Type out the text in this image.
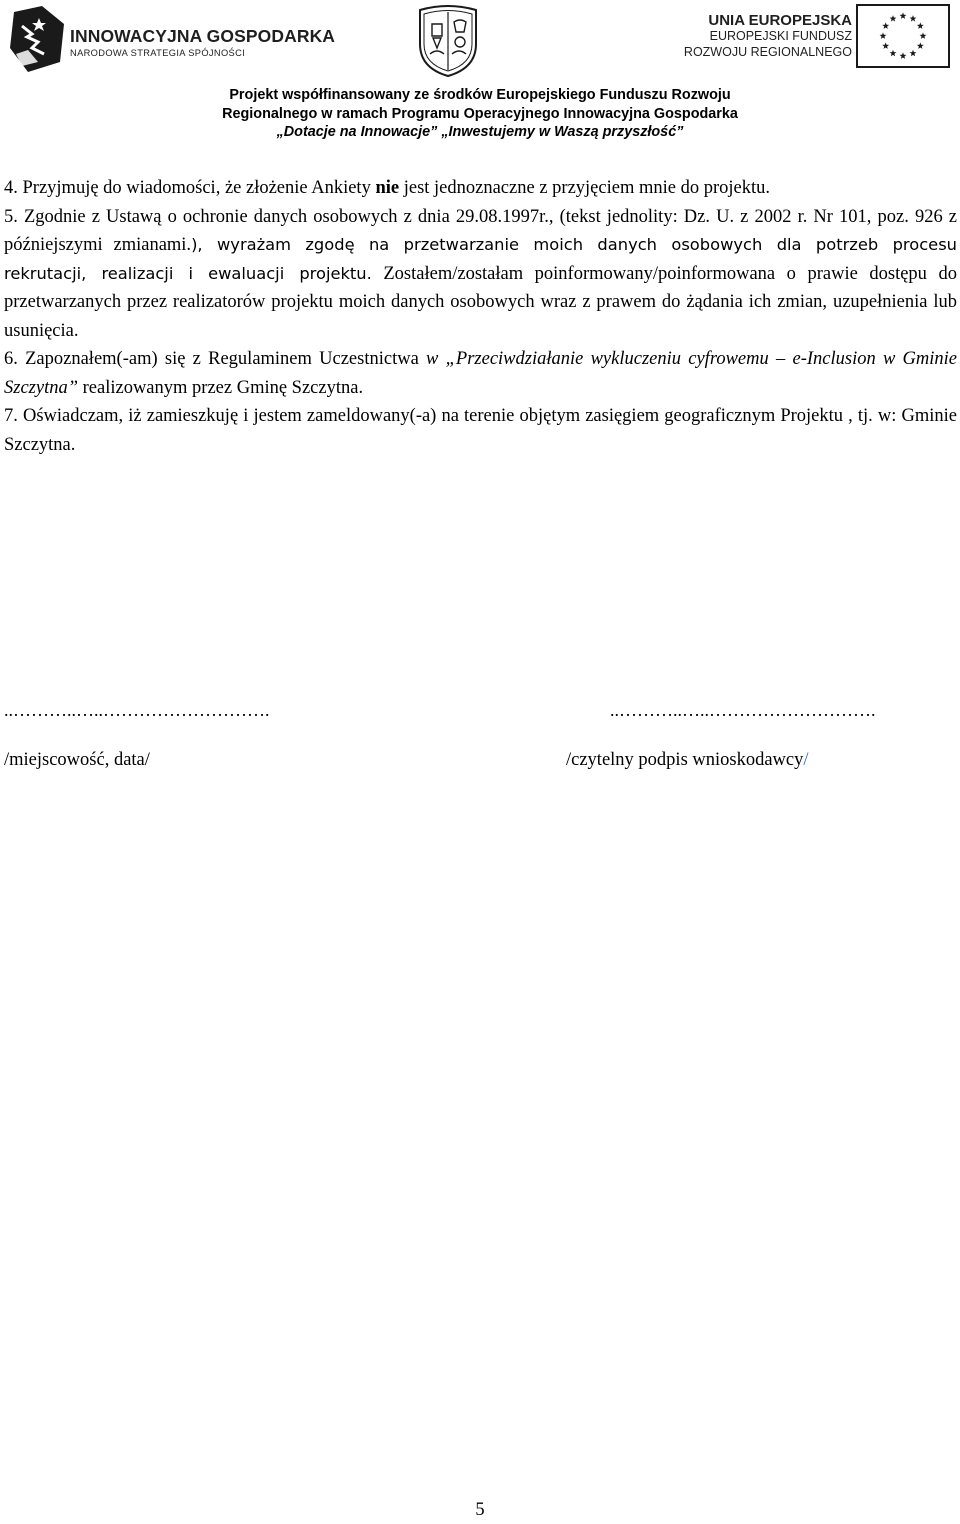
INNOWACYJNA GOSPODARKA
NARODOWA STRATEGIA SPÓJNOŚCI
UNIA EUROPEJSKA
EUROPEJSKI FUNDUSZ
ROZWOJU REGIONALNEGO
Projekt współfinansowany ze środków Europejskiego Funduszu Rozwoju
Regionalnego w ramach Programu Operacyjnego Innowacyjna Gospodarka
„Dotacje na Innowacje” „Inwestujemy w Waszą przyszłość”

4. Przyjmuję do wiadomości, że złożenie Ankiety nie jest jednoznaczne z przyjęciem mnie do projektu.

5. Zgodnie z Ustawą o ochronie danych osobowych z dnia 29.08.1997r., (tekst jednolity: Dz. U. z 2002 r. Nr 101, poz. 926 z późniejszymi zmianami.), wyrażam zgodę na przetwarzanie moich danych osobowych dla potrzeb procesu rekrutacji, realizacji i ewaluacji projektu. Zostałem/zostałam poinformowany/poinformowana o prawie dostępu do przetwarzanych przez realizatorów projektu moich danych osobowych wraz z prawem do żądania ich zmian, uzupełnienia lub usunięcia.

6. Zapoznałem(-am) się z Regulaminem Uczestnictwa w „Przeciwdziałanie wykluczeniu cyfrowemu – e-Inclusion w Gminie Szczytna” realizowanym przez Gminę Szczytna.

7. Oświadczam, iż zamieszkuję i jestem zameldowany(-a) na terenie objętym zasięgiem geograficznym Projektu , tj. w: Gminie Szczytna.

..………..…..……………………….	..………..…..……………………….
/miejscowość, data/	/czytelny podpis wnioskodawcy/
5
